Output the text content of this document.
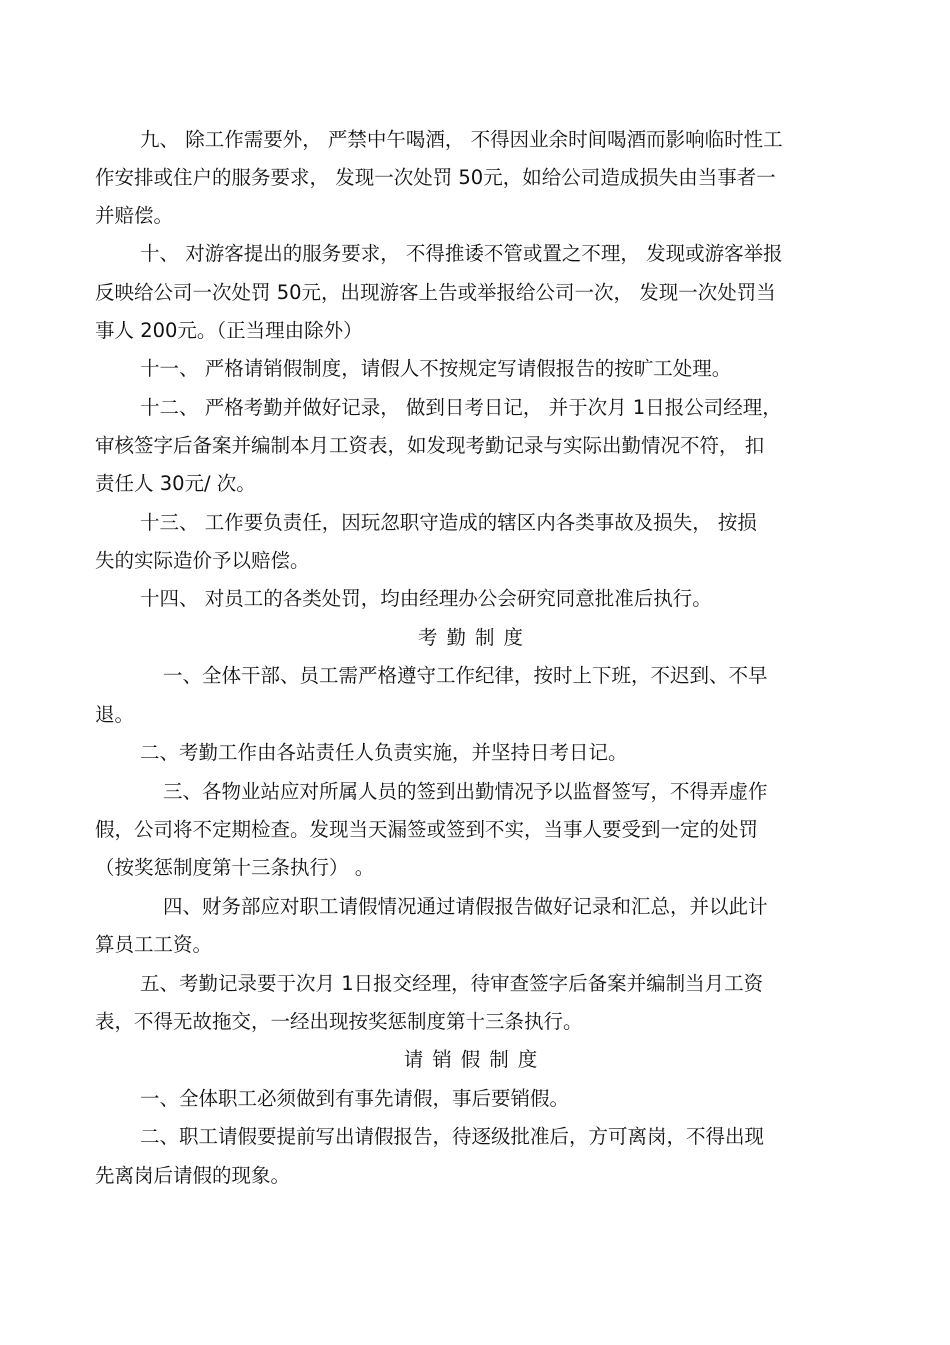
九、 除工作需要外， 严禁中午喝酒， 不得因业余时间喝酒而影响临时性工
作安排或住户的服务要求， 发现一次处罚 50元，如给公司造成损失由当事者一
并赔偿。
十、 对游客提出的服务要求， 不得推诿不管或置之不理， 发现或游客举报
反映给公司一次处罚 50元，出现游客上告或举报给公司一次， 发现一次处罚当
事人 200元。（正当理由除外）
十一、 严格请销假制度，请假人不按规定写请假报告的按旷工处理。
十二、 严格考勤并做好记录， 做到日考日记， 并于次月 1日报公司经理，
审核签字后备案并编制本月工资表，如发现考勤记录与实际出勤情况不符， 扣
责任人 30元/ 次。
十三、 工作要负责任，因玩忽职守造成的辖区内各类事故及损失， 按损
失的实际造价予以赔偿。
十四、 对员工的各类处罚，均由经理办公会研究同意批准后执行。
考勤制度
一、全体干部、员工需严格遵守工作纪律，按时上下班，不迟到、不早
退。
二、考勤工作由各站责任人负责实施，并坚持日考日记。
三、各物业站应对所属人员的签到出勤情况予以监督签写，不得弄虚作
假，公司将不定期检查。发现当天漏签或签到不实，当事人要受到一定的处罚
（按奖惩制度第十三条执行） 。
四、财务部应对职工请假情况通过请假报告做好记录和汇总，并以此计
算员工工资。
五、考勤记录要于次月 1日报交经理，待审查签字后备案并编制当月工资
表，不得无故拖交，一经出现按奖惩制度第十三条执行。
请销假制度
一、全体职工必须做到有事先请假，事后要销假。
二、职工请假要提前写出请假报告，待逐级批准后，方可离岗，不得出现
先离岗后请假的现象。
